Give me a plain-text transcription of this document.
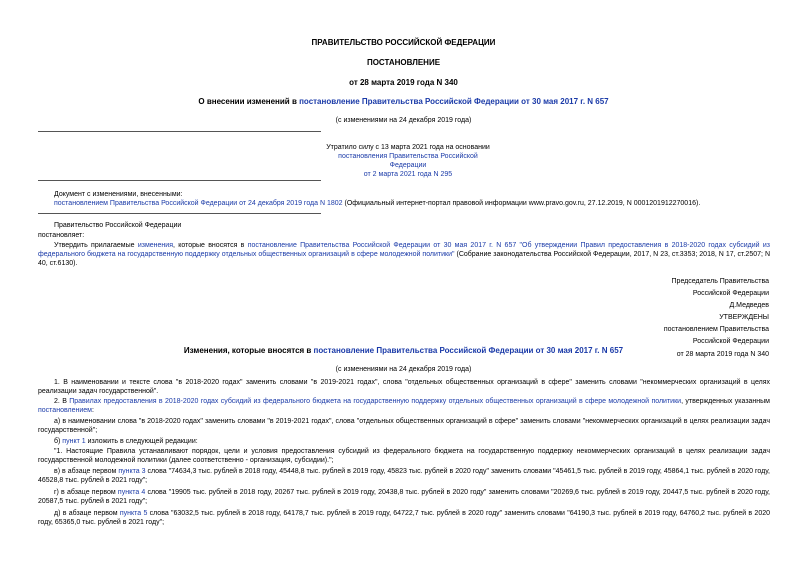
ПРАВИТЕЛЬСТВО РОССИЙСКОЙ ФЕДЕРАЦИИ
ПОСТАНОВЛЕНИЕ
от 28 марта 2019 года N 340
О внесении изменений в постановление Правительства Российской Федерации от 30 мая 2017 г. N 657
(с изменениями на 24 декабря 2019 года)
Утратило силу с 13 марта 2021 года на основании
постановления Правительства Российской Федерации
от 2 марта 2021 года N 295
Документ с изменениями, внесенными:
постановлением Правительства Российской Федерации от 24 декабря 2019 года N 1802 (Официальный интернет-портал правовой информации www.pravo.gov.ru, 27.12.2019, N 0001201912270016).
Правительство Российской Федерации
постановляет:
Утвердить прилагаемые изменения, которые вносятся в постановление Правительства Российской Федерации от 30 мая 2017 г. N 657 "Об утверждении Правил предоставления в 2018-2020 годах субсидий из федерального бюджета на государственную поддержку отдельных общественных организаций в сфере молодежной политики" (Собрание законодательства Российской Федерации, 2017, N 23, ст.3353; 2018, N 17, ст.2507; N 40, ст.6130).
Председатель Правительства
Российской Федерации
Д.Медведев
УТВЕРЖДЕНЫ
постановлением Правительства
Российской Федерации
от 28 марта 2019 года N 340
Изменения, которые вносятся в постановление Правительства Российской Федерации от 30 мая 2017 г. N 657
(с изменениями на 24 декабря 2019 года)
1. В наименовании и тексте слова "в 2018-2020 годах" заменить словами "в 2019-2021 годах", слова "отдельных общественных организаций в сфере" заменить словами "некоммерческих организаций в целях реализации задач государственной".
2. В Правилах предоставления в 2018-2020 годах субсидий из федерального бюджета на государственную поддержку отдельных общественных организаций в сфере молодежной политики, утвержденных указанным постановлением:
а) в наименовании слова "в 2018-2020 годах" заменить словами "в 2019-2021 годах", слова "отдельных общественных организаций в сфере" заменить словами "некоммерческих организаций в целях реализации задач государственной";
б) пункт 1 изложить в следующей редакции:
"1. Настоящие Правила устанавливают порядок, цели и условия предоставления субсидий из федерального бюджета на государственную поддержку некоммерческих организаций в целях реализации задач государственной молодежной политики (далее соответственно - организация, субсидии).";
в) в абзаце первом пункта 3 слова "74634,3 тыс. рублей в 2018 году, 45448,8 тыс. рублей в 2019 году, 45823 тыс. рублей в 2020 году" заменить словами "45461,5 тыс. рублей в 2019 году, 45864,1 тыс. рублей в 2020 году, 46528,8 тыс. рублей в 2021 году";
г) в абзаце первом пункта 4 слова "19905 тыс. рублей в 2018 году, 20267 тыс. рублей в 2019 году, 20438,8 тыс. рублей в 2020 году" заменить словами "20269,6 тыс. рублей в 2019 году, 20447,5 тыс. рублей в 2020 году, 20587,5 тыс. рублей в 2021 году";
д) в абзаце первом пункта 5 слова "63032,5 тыс. рублей в 2018 году, 64178,7 тыс. рублей в 2019 году, 64722,7 тыс. рублей в 2020 году" заменить словами "64190,3 тыс. рублей в 2019 году, 64760,2 тыс. рублей в 2020 году, 65365,0 тыс. рублей в 2021 году";
